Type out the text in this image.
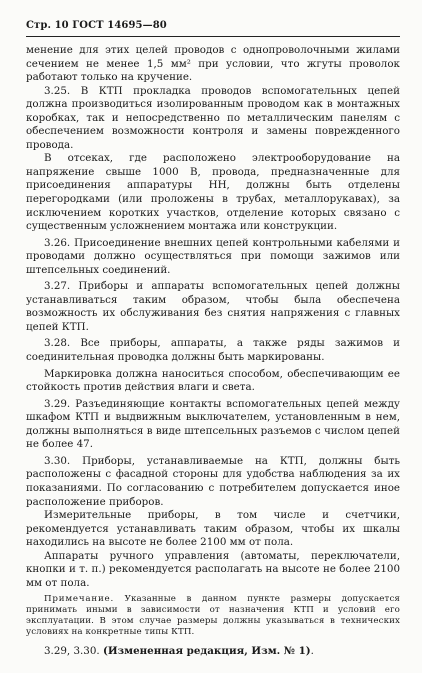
Стр. 10 ГОСТ 14695—80

менение для этих целей проводов с однопроволочными жилами сечением не менее 1,5 мм² при условии, что жгуты проволок работают только на кручение.

3.25. В КТП прокладка проводов вспомогательных цепей должна производиться изолированным проводом как в монтажных коробках, так и непосредственно по металлическим панелям с обеспечением возможности контроля и замены поврежденного провода.

В отсеках, где расположено электрооборудование на напряжение свыше 1000 В, провода, предназначенные для присоединения аппаратуры НН, должны быть отделены перегородками (или проложены в трубах, металлорукавах), за исключением коротких участков, отделение которых связано с существенным усложнением монтажа или конструкции.

3.26. Присоединение внешних цепей контрольными кабелями и проводами должно осуществляться при помощи зажимов или штепсельных соединений.

3.27. Приборы и аппараты вспомогательных цепей должны устанавливаться таким образом, чтобы была обеспечена возможность их обслуживания без снятия напряжения с главных цепей КТП.

3.28. Все приборы, аппараты, а также ряды зажимов и соединительная проводка должны быть маркированы.

Маркировка должна наноситься способом, обеспечивающим ее стойкость против действия влаги и света.

3.29. Разъединяющие контакты вспомогательных цепей между шкафом КТП и выдвижным выключателем, установленным в нем, должны выполняться в виде штепсельных разъемов с числом цепей не более 47.

3.30. Приборы, устанавливаемые на КТП, должны быть расположены с фасадной стороны для удобства наблюдения за их показаниями. По согласованию с потребителем допускается иное расположение приборов.

Измерительные приборы, в том числе и счетчики, рекомендуется устанавливать таким образом, чтобы их шкалы находились на высоте не более 2100 мм от пола.

Аппараты ручного управления (автоматы, переключатели, кнопки и т. п.) рекомендуется располагать на высоте не более 2100 мм от пола.

Примечание. Указанные в данном пункте размеры допускается принимать иными в зависимости от назначения КТП и условий его эксплуатации. В этом случае размеры должны указываться в технических условиях на конкретные типы КТП.

3.29, 3.30. (Измененная редакция, Изм. № 1).
